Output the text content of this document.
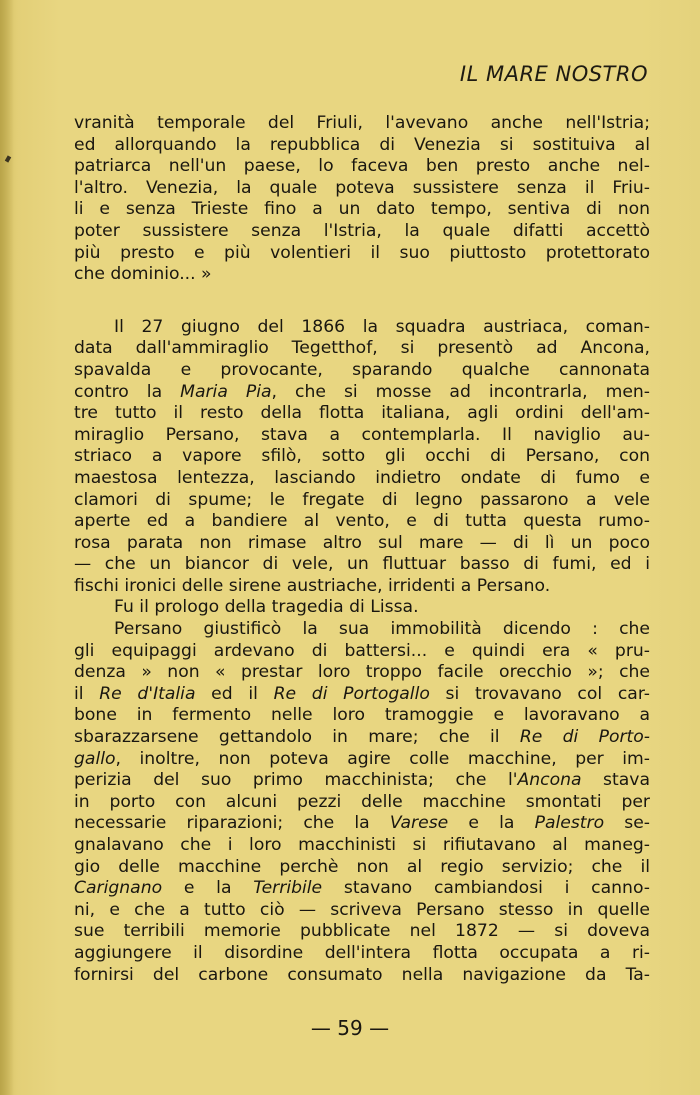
IL MARE NOSTRO
vranità temporale del Friuli, l'avevano anche nell'Istria;
ed allorquando la repubblica di Venezia si sostituiva al
patriarca nell'un paese, lo faceva ben presto anche nel-
l'altro. Venezia, la quale poteva sussistere senza il Friu-
li e senza Trieste fino a un dato tempo, sentiva di non
poter sussistere senza l'Istria, la quale difatti accettò
più presto e più volentieri il suo piuttosto protettorato
che dominio... »
Il 27 giugno del 1866 la squadra austriaca, coman-
data dall'ammiraglio Tegetthof, si presentò ad Ancona,
spavalda e provocante, sparando qualche cannonata
contro la Maria Pia, che si mosse ad incontrarla, men-
tre tutto il resto della flotta italiana, agli ordini dell'am-
miraglio Persano, stava a contemplarla. Il naviglio au-
striaco a vapore sfilò, sotto gli occhi di Persano, con
maestosa lentezza, lasciando indietro ondate di fumo e
clamori di spume; le fregate di legno passarono a vele
aperte ed a bandiere al vento, e di tutta questa rumo-
rosa parata non rimase altro sul mare — di lì un poco
— che un biancor di vele, un fluttuar basso di fumi, ed i
fischi ironici delle sirene austriache, irridenti a Persano.
Fu il prologo della tragedia di Lissa.
Persano giustificò la sua immobilità dicendo : che
gli equipaggi ardevano di battersi... e quindi era « pru-
denza » non « prestar loro troppo facile orecchio »; che
il Re d'Italia ed il Re di Portogallo si trovavano col car-
bone in fermento nelle loro tramoggie e lavoravano a
sbarazzarsene gettandolo in mare; che il Re di Porto-
gallo, inoltre, non poteva agire colle macchine, per im-
perizia del suo primo macchinista; che l'Ancona stava
in porto con alcuni pezzi delle macchine smontati per
necessarie riparazioni; che la Varese e la Palestro se-
gnalavano che i loro macchinisti si rifiutavano al maneg-
gio delle macchine perchè non al regio servizio; che il
Carignano e la Terribile stavano cambiandosi i canno-
ni, e che a tutto ciò — scriveva Persano stesso in quelle
sue terribili memorie pubblicate nel 1872 — si doveva
aggiungere il disordine dell'intera flotta occupata a ri-
fornirsi del carbone consumato nella navigazione da Ta-
— 59 —
